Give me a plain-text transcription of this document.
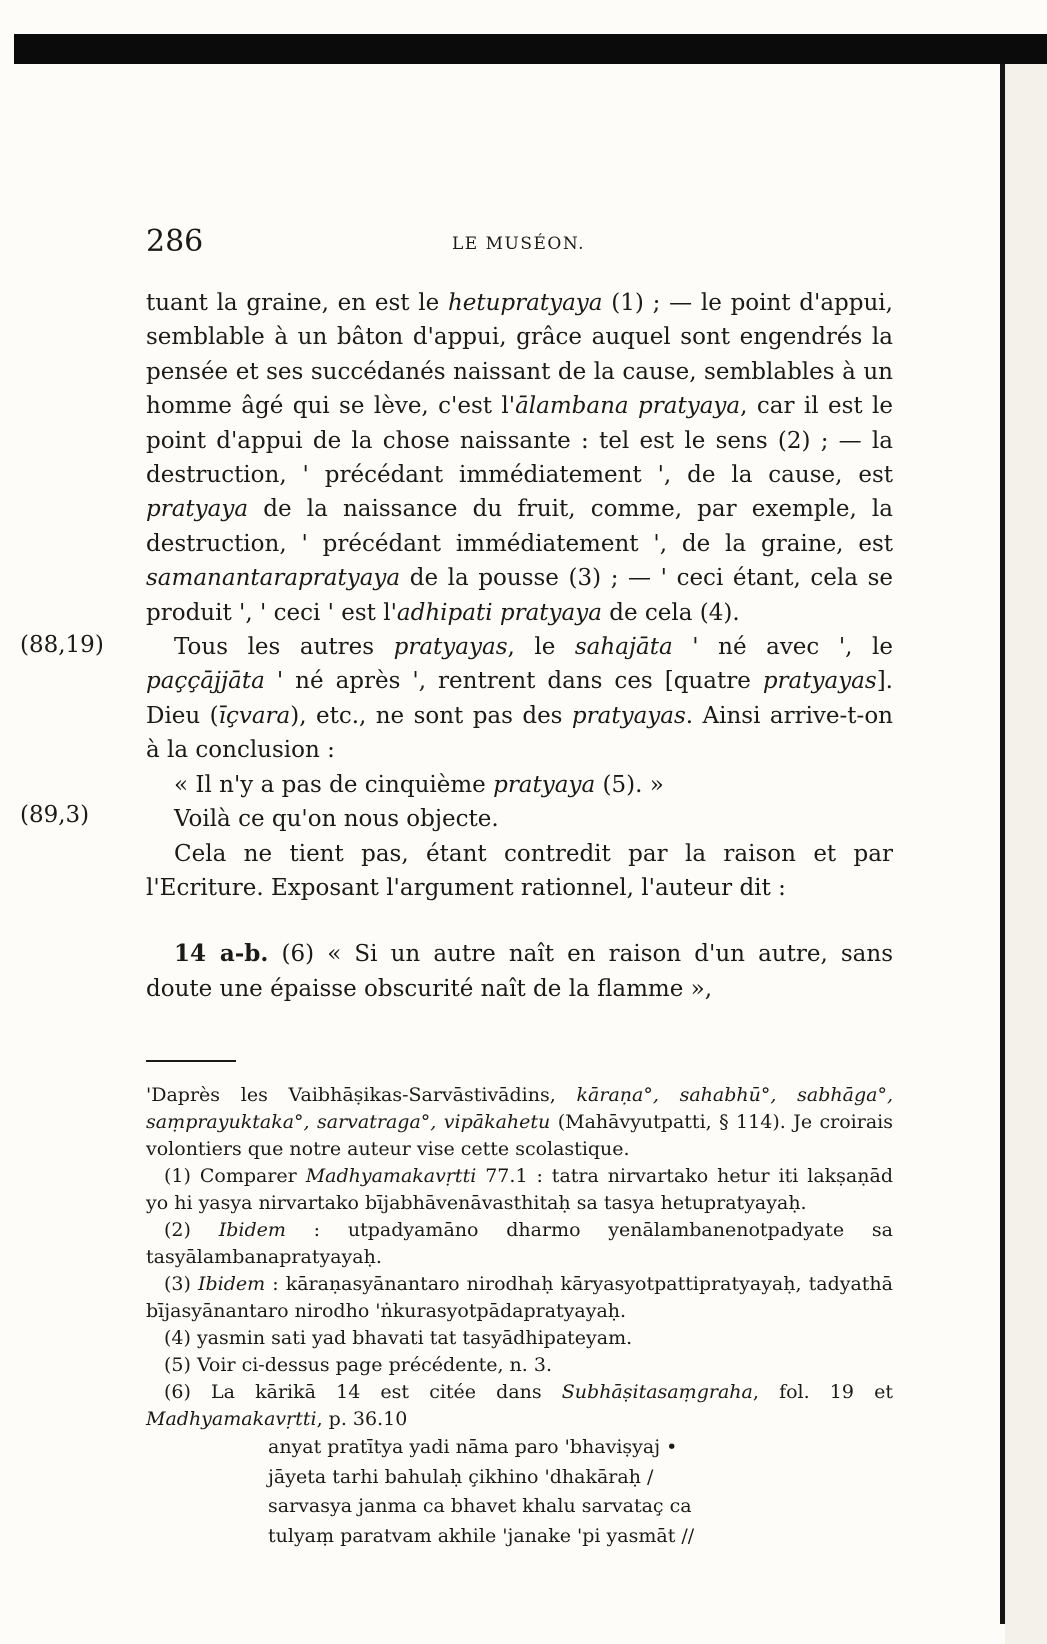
286	LE MUSÉON.
(88,19)
(89,3)

tuant la graine, en est le hetupratyaya (1) ; — le point d'appui, semblable à un bâton d'appui, grâce auquel sont engendrés la pensée et ses succédanés naissant de la cause, semblables à un homme âgé qui se lève, c'est l'ālambana pratyaya, car il est le point d'appui de la chose naissante : tel est le sens (2) ; — la destruction, ' précédant immédiatement ', de la cause, est pratyaya de la naissance du fruit, comme, par exemple, la destruction, ' précédant immédiatement ', de la graine, est samanantarapratyaya de la pousse (3) ; — ' ceci étant, cela se produit ', ' ceci ' est l'adhipati pratyaya de cela (4).

Tous les autres pratyayas, le sahajāta ' né avec ', le paççājjāta ' né après ', rentrent dans ces [quatre pratyayas]. Dieu (īçvara), etc., ne sont pas des pratyayas. Ainsi arrive-t-on à la conclusion :

« Il n'y a pas de cinquième pratyaya (5). »

Voilà ce qu'on nous objecte.

Cela ne tient pas, étant contredit par la raison et par l'Ecriture. Exposant l'argument rationnel, l'auteur dit :

14 a-b. (6) « Si un autre naît en raison d'un autre, sans doute une épaisse obscurité naît de la flamme »,

'Daprès les Vaibhāṣikas-Sarvāstivādins, kāraṇa°, sahabhū°, sabhāga°, saṃprayuktaka°, sarvatraga°, vipākahetu (Mahāvyutpatti, § 114). Je croirais volontiers que notre auteur vise cette scolastique.

(1) Comparer Madhyamakavṛtti 77.1 : tatra nirvartako hetur iti lakṣaṇād yo hi yasya nirvartako bījabhāvenāvasthitaḥ sa tasya hetupratyayaḥ.

(2) Ibidem : utpadyamāno dharmo yenālambanenotpadyate sa tasyālambanapratyayaḥ.

(3) Ibidem : kāraṇasyānantaro nirodhaḥ kāryasyotpattipratyayaḥ, tadyathā bījasyānantaro nirodho 'ṅkurasyotpādapratyayaḥ.

(4) yasmin sati yad bhavati tat tasyādhipateyam.

(5) Voir ci-dessus page précédente, n. 3.

(6) La kārikā 14 est citée dans Subhāṣitasaṃgraha, fol. 19 et Madhyamakavṛtti, p. 36.10

anyat pratītya yadi nāma paro 'bhaviṣyaj •
jāyeta tarhi bahulaḥ çikhino 'dhakāraḥ /
sarvasya janma ca bhavet khalu sarvataç ca
tulyaṃ paratvam akhile 'janake 'pi yasmāt //
